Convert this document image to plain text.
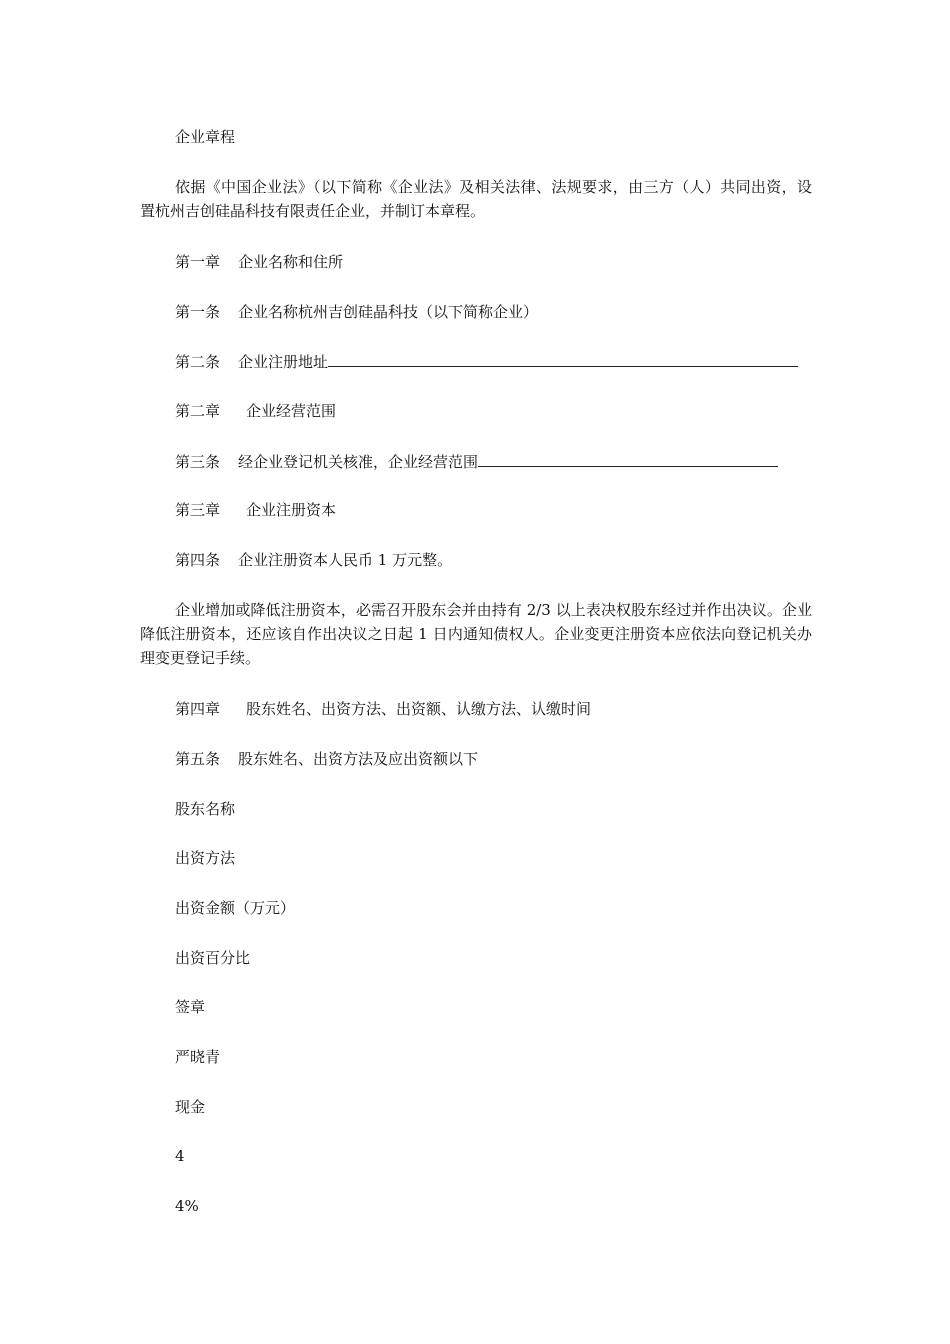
企业章程
依据《中国企业法》（以下简称《企业法》及相关法律、法规要求，由三方（人）共同出资，设置杭州吉创硅晶科技有限责任企业，并制订本章程。
第一章 企业名称和住所
第一条 企业名称杭州吉创硅晶科技（以下简称企业）
第二条 企业注册地址
第二章 企业经营范围
第三条 经企业登记机关核准，企业经营范围
第三章 企业注册资本
第四条 企业注册资本人民币 1 万元整。
企业增加或降低注册资本，必需召开股东会并由持有 2/3 以上表决权股东经过并作出决议。企业降低注册资本，还应该自作出决议之日起 1 日内通知债权人。企业变更注册资本应依法向登记机关办理变更登记手续。
第四章 股东姓名、出资方法、出资额、认缴方法、认缴时间
第五条 股东姓名、出资方法及应出资额以下
股东名称
出资方法
出资金额（万元）
出资百分比
签章
严晓青
现金
4
4%
